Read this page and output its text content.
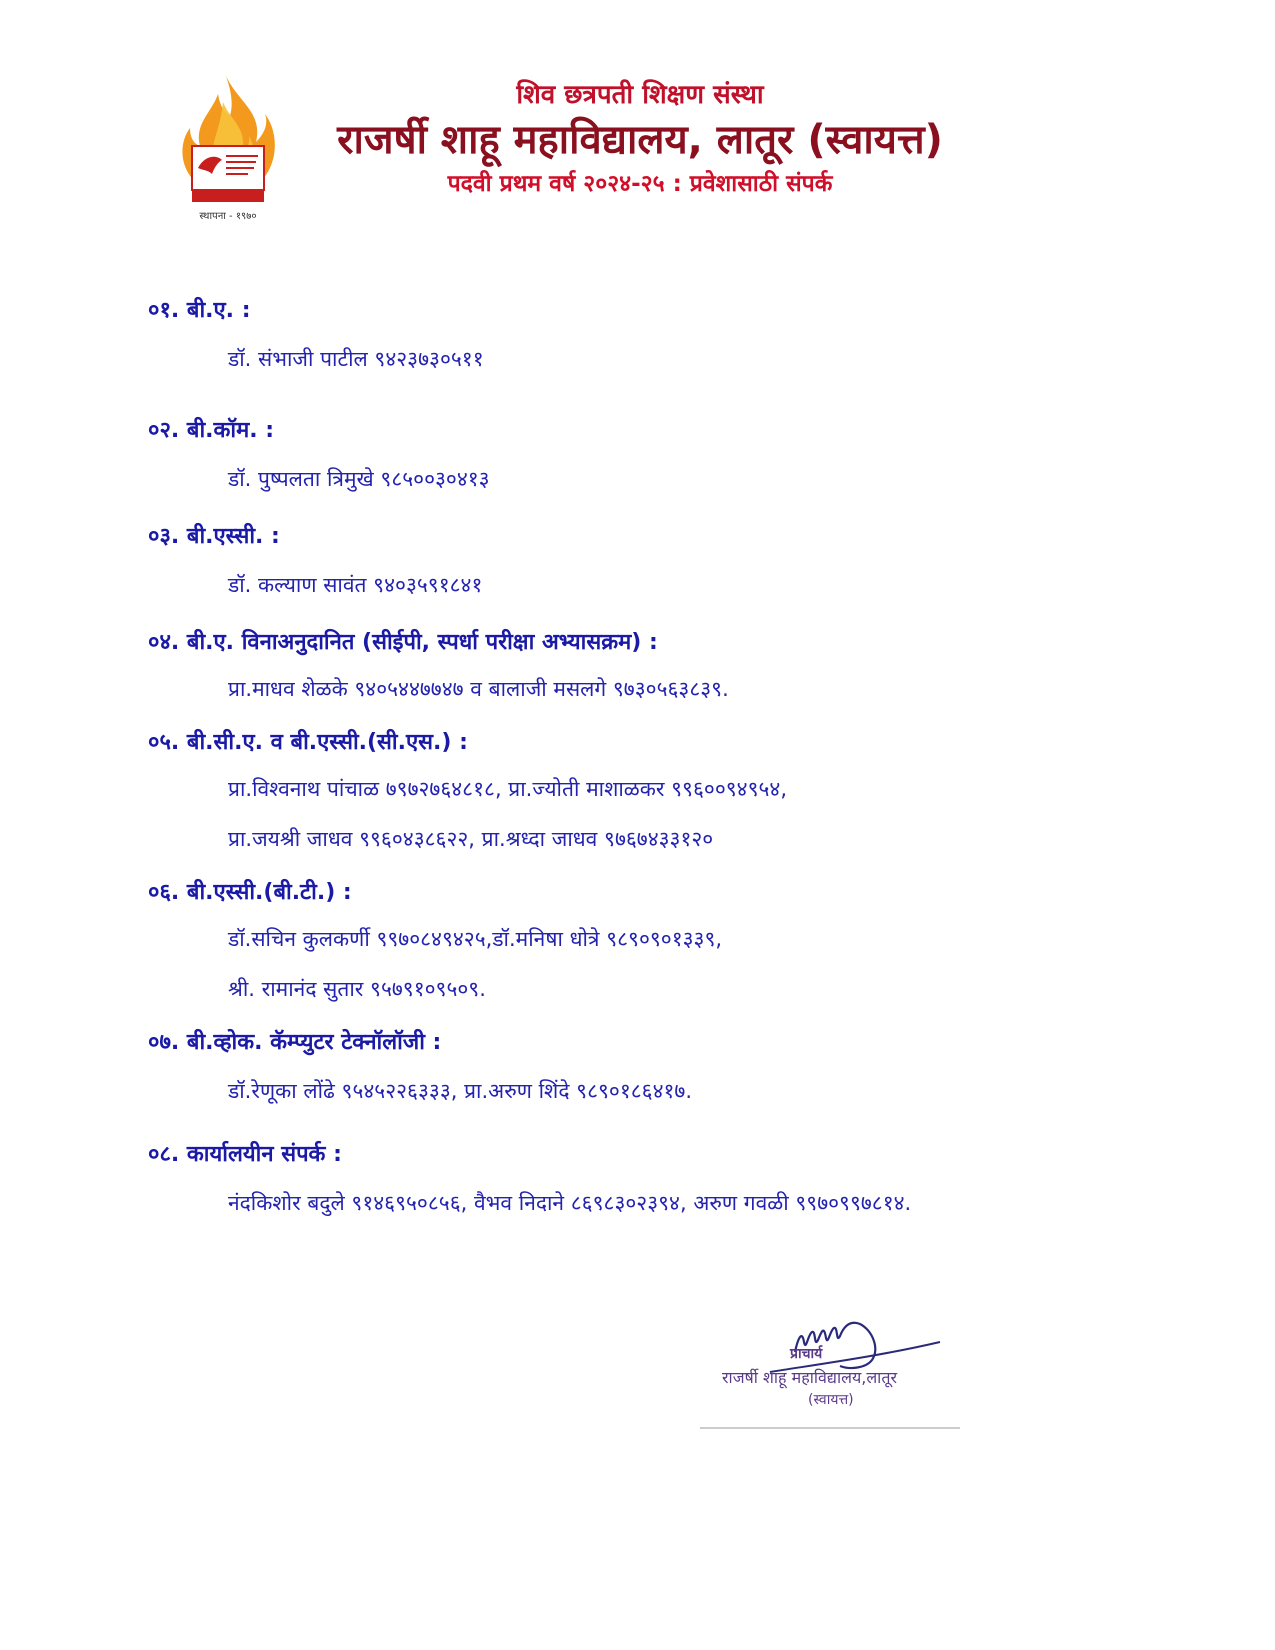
स्थापना - १९७०
शिव छत्रपती शिक्षण संस्था
राजर्षी शाहू महाविद्यालय, लातूर (स्वायत्त)
पदवी प्रथम वर्ष २०२४-२५ : प्रवेशासाठी संपर्क
०१. बी.ए. :
डॉ. संभाजी पाटील ९४२३७३०५११
०२. बी.कॉम. :
डॉ. पुष्पलता त्रिमुखे ९८५००३०४१३
०३. बी.एस्सी. :
डॉ. कल्याण सावंत ९४०३५९१८४१
०४. बी.ए. विनाअनुदानित (सीईपी, स्पर्धा परीक्षा अभ्यासक्रम) :
प्रा.माधव शेळके ९४०५४४७७४७ व बालाजी मसलगे ९७३०५६३८३९.
०५. बी.सी.ए. व बी.एस्सी.(सी.एस.) :
प्रा.विश्वनाथ पांचाळ ७९७२७६४८१८, प्रा.ज्योती माशाळकर ९९६००९४९५४,
प्रा.जयश्री जाधव ९९६०४३८६२२, प्रा.श्रध्दा जाधव ९७६७४३३१२०
०६. बी.एस्सी.(बी.टी.) :
डॉ.सचिन कुलकर्णी ९९७०८४९४२५,डॉ.मनिषा धोत्रे ९८९०९०१३३९,
श्री. रामानंद सुतार ९५७९१०९५०९.
०७. बी.व्होक. कॅम्प्युटर टेक्नॉलॉजी :
डॉ.रेणूका लोंढे ९५४५२२६३३३, प्रा.अरुण शिंदे ९८९०१८६४१७.
०८. कार्यालयीन संपर्क :
नंदकिशोर बदुले ९१४६९५०८५६, वैभव निदाने ८६९८३०२३९४, अरुण गवळी ९९७०९९७८१४.
प्राचार्य
राजर्षी शाहू महाविद्यालय,लातूर
(स्वायत्त)
